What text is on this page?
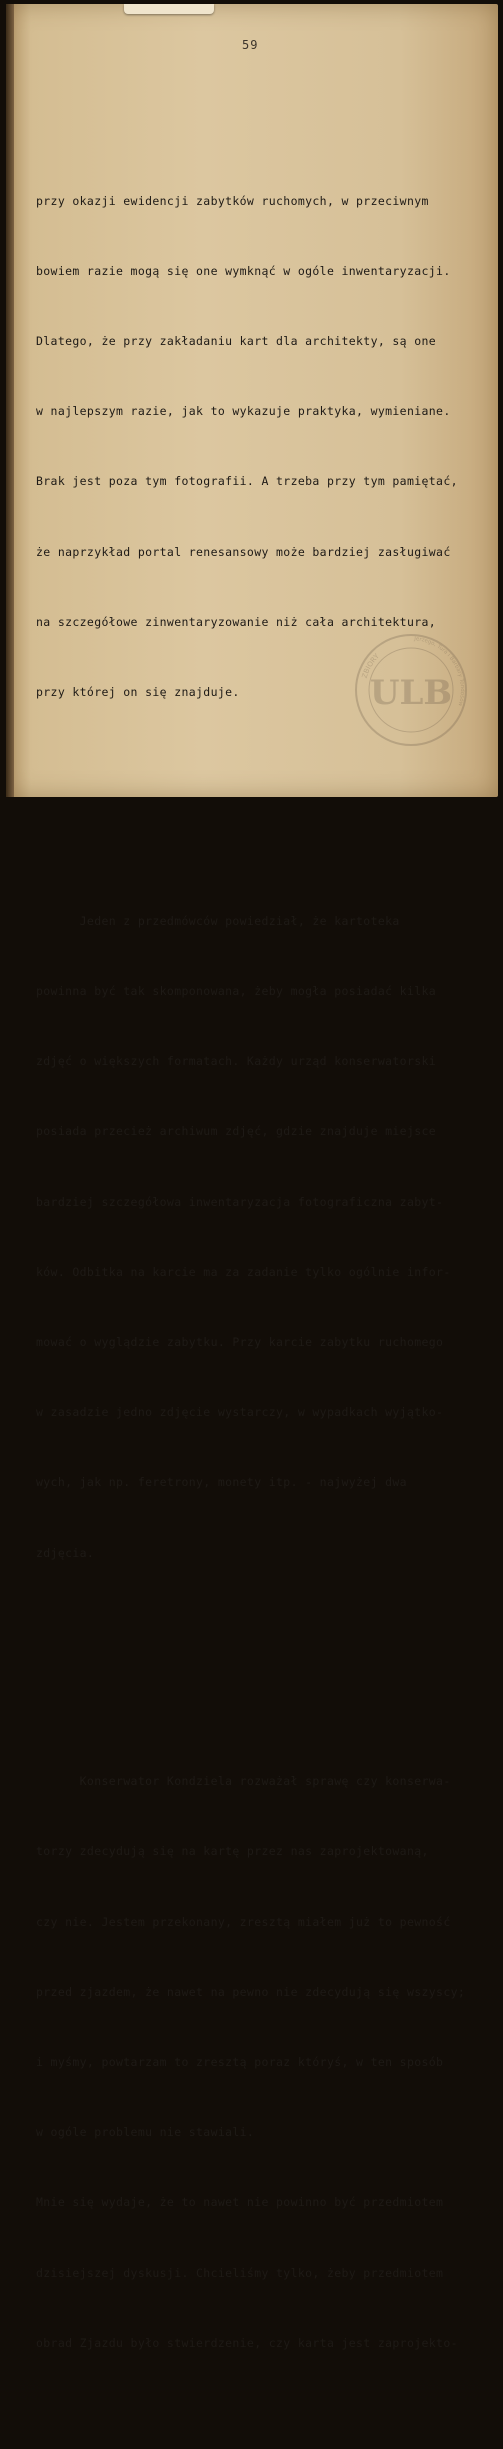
59

przy okazji ewidencji zabytków ruchomych, w przeciwnym

bowiem razie mogą się one wymknąć w ogóle inwentaryzacji.

Dlatego, że przy zakładaniu kart dla architekty, są one

w najlepszym razie, jak to wykazuje praktyka, wymieniane.

Brak jest poza tym fotografii. A trzeba przy tym pamiętać,

że naprzykład portal renesansowy może bardziej zasługiwać

na szczegółowe zinwentaryzowanie niż cała architektura,

przy której on się znajduje.

Jeden z przedmówców powiedział, że kartoteka

powinna być tak skomponowana, żeby mogła posiadać kilka

zdjęć o większych formatach. Każdy urząd konserwatorski

posiada przecież archiwum zdjęć, gdzie znajduje miejsce

bardziej szczegółowa inwentaryzacja fotograficzna zabyt-

ków. Odbitka na karcie ma za zadanie tylko ogólnie infor-

mować o wyglądzie zabytku. Przy karcie zabytku ruchomego

w zasadzie jedno zdjęcie wystarczy, w wypadkach wyjątko-

wych, jak np. feretrony, monety itp. - najwyżej dwa

zdjęcia.

Konserwator Kondziela rozważał sprawę czy konserwa-

torzy zdecydują się na kartę przez nas zaprojektowaną,

czy nie. Jestem przekonany, zresztą miałem już to pewność

przed zjazdem, że nawet na pewno nie zdecydują się wszyscy;

i myśmy, powtarzam to zresztą poraz któryś, w ten sposób

w ogóle problemu nie stawiali.

Mnie się wydaje, że to nawet nie powinno być przedmiotem

dzisiejszej dyskusji. Chcieliśmy tylko, żeby przedmiotem

obrad Zjazdu było stwierdzenie, czy karta jest zaprojekto-

ZBIORY
Jerzego, Tura i Barbary Tondosów
ULB
